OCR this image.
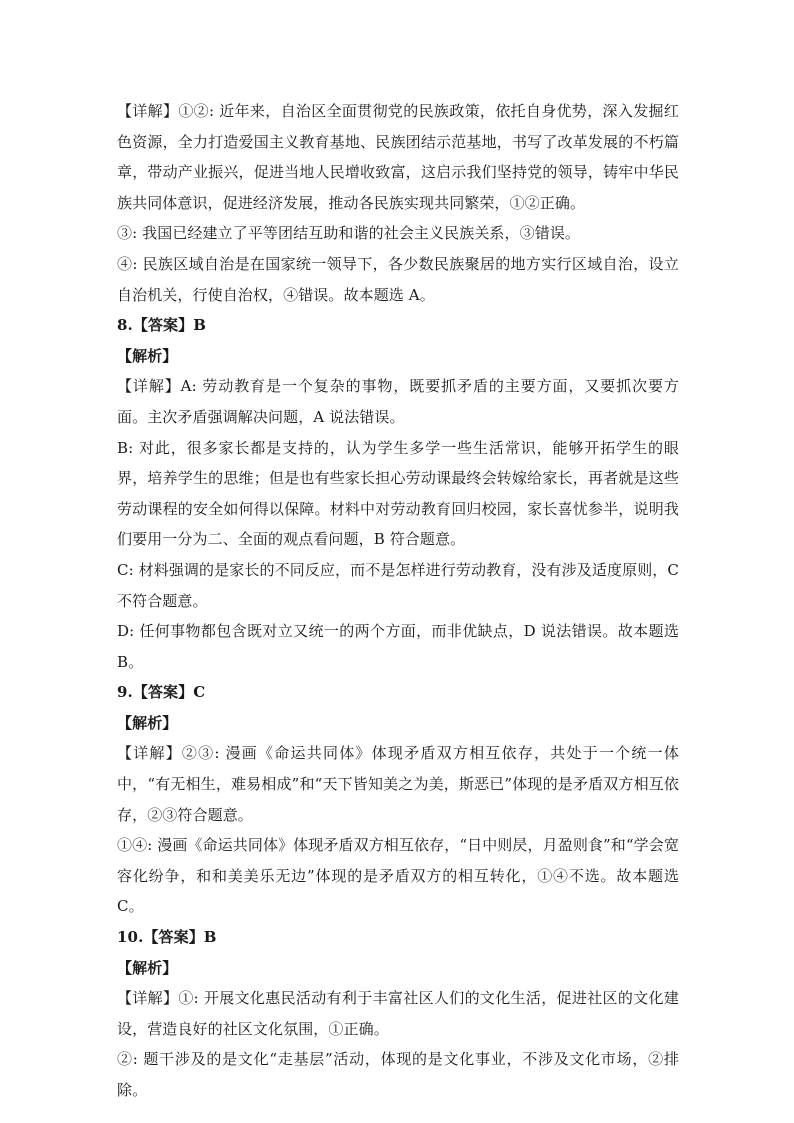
【详解】①②: 近年来，自治区全面贯彻党的民族政策，依托自身优势，深入发掘红色资源，全力打造爱国主义教育基地、民族团结示范基地，书写了改革发展的不朽篇章，带动产业振兴，促进当地人民增收致富，这启示我们坚持党的领导，铸牢中华民族共同体意识，促进经济发展，推动各民族实现共同繁荣，①②正确。

③: 我国已经建立了平等团结互助和谐的社会主义民族关系，③错误。

④: 民族区域自治是在国家统一领导下，各少数民族聚居的地方实行区域自治，设立自治机关，行使自治权，④错误。故本题选 A。

8.【答案】B

【解析】

【详解】A: 劳动教育是一个复杂的事物，既要抓矛盾的主要方面，又要抓次要方面。主次矛盾强调解决问题，A 说法错误。

B: 对此，很多家长都是支持的，认为学生多学一些生活常识，能够开拓学生的眼界，培养学生的思维；但是也有些家长担心劳动课最终会转嫁给家长，再者就是这些劳动课程的安全如何得以保障。材料中对劳动教育回归校园，家长喜忧参半，说明我们要用一分为二、全面的观点看问题，B 符合题意。

C: 材料强调的是家长的不同反应，而不是怎样进行劳动教育，没有涉及适度原则，C 不符合题意。

D: 任何事物都包含既对立又统一的两个方面，而非优缺点，D 说法错误。故本题选 B。

9.【答案】C

【解析】

【详解】②③: 漫画《命运共同体》体现矛盾双方相互依存，共处于一个统一体中，“有无相生，难易相成”和“天下皆知美之为美，斯恶已”体现的是矛盾双方相互依存，②③符合题意。

①④: 漫画《命运共同体》体现矛盾双方相互依存，“日中则昃，月盈则食”和“学会宽容化纷争，和和美美乐无边”体现的是矛盾双方的相互转化，①④不选。故本题选 C。

10.【答案】B

【解析】

【详解】①: 开展文化惠民活动有利于丰富社区人们的文化生活，促进社区的文化建设，营造良好的社区文化氛围，①正确。

②: 题干涉及的是文化“走基层”活动，体现的是文化事业，不涉及文化市场，②排除。
